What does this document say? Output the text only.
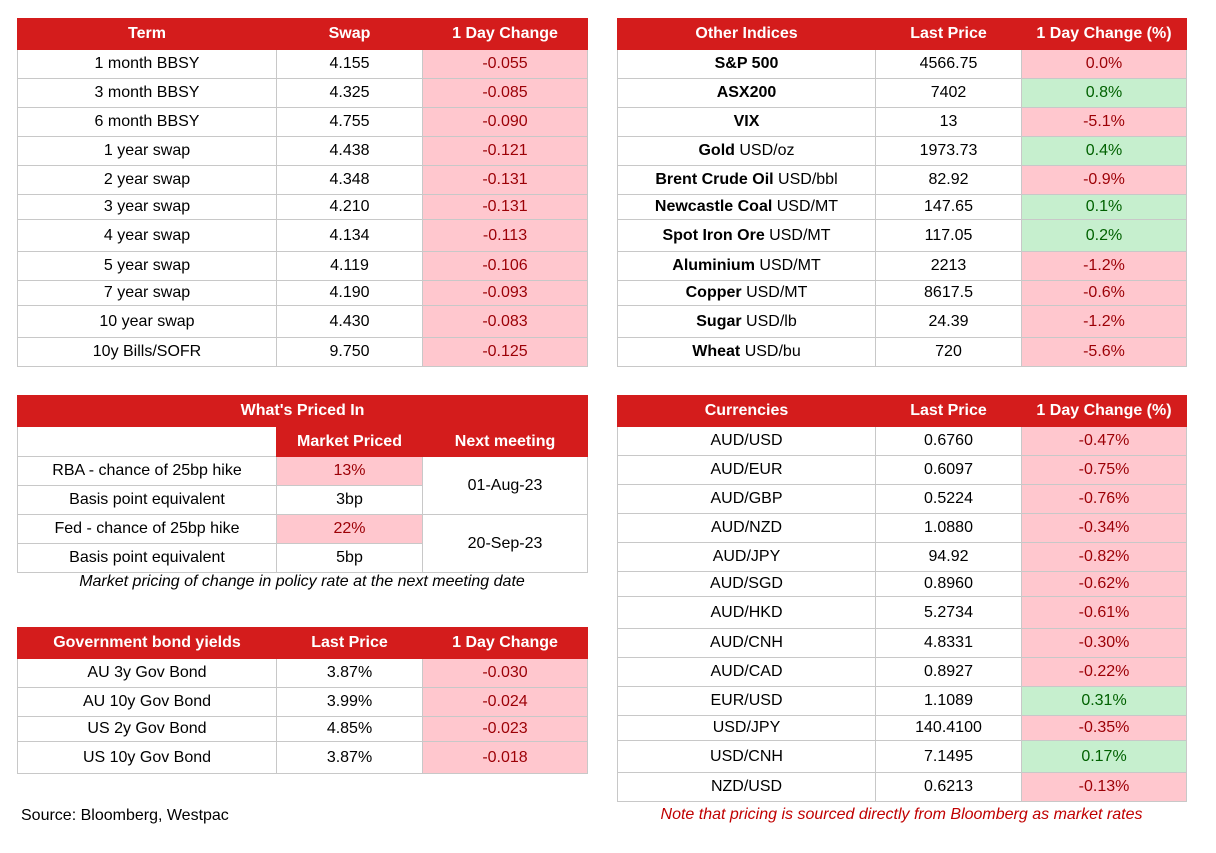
Term	Swap	1 Day Change
1 month BBSY	4.155	-0.055
3 month BBSY	4.325	-0.085
6 month BBSY	4.755	-0.090
1 year swap	4.438	-0.121
2 year swap	4.348	-0.131
3 year swap	4.210	-0.131
4 year swap	4.134	-0.113
5 year swap	4.119	-0.106
7 year swap	4.190	-0.093
10 year swap	4.430	-0.083
10y Bills/SOFR	9.750	-0.125
Other Indices	Last Price	1 Day Change (%)
S&P 500	4566.75	0.0%
ASX200	7402	0.8%
VIX	13	-5.1%
Gold USD/oz	1973.73	0.4%
Brent Crude Oil USD/bbl	82.92	-0.9%
Newcastle Coal USD/MT	147.65	0.1%
Spot Iron Ore USD/MT	117.05	0.2%
Aluminium USD/MT	2213	-1.2%
Copper USD/MT	8617.5	-0.6%
Sugar USD/lb	24.39	-1.2%
Wheat USD/bu	720	-5.6%
What's Priced In		
	Market Priced	Next meeting
RBA - chance of 25bp hike	13%	01-Aug-23
Basis point equivalent	3bp	
Fed - chance of 25bp hike	22%	20-Sep-23
Basis point equivalent	5bp	
Market pricing of change in policy rate at the next meeting date
Government bond yields	Last Price	1 Day Change
AU 3y Gov Bond	3.87%	-0.030
AU 10y Gov Bond	3.99%	-0.024
US 2y Gov Bond	4.85%	-0.023
US 10y Gov Bond	3.87%	-0.018
Currencies	Last Price	1 Day Change (%)
AUD/USD	0.6760	-0.47%
AUD/EUR	0.6097	-0.75%
AUD/GBP	0.5224	-0.76%
AUD/NZD	1.0880	-0.34%
AUD/JPY	94.92	-0.82%
AUD/SGD	0.8960	-0.62%
AUD/HKD	5.2734	-0.61%
AUD/CNH	4.8331	-0.30%
AUD/CAD	0.8927	-0.22%
EUR/USD	1.1089	0.31%
USD/JPY	140.4100	-0.35%
USD/CNH	7.1495	0.17%
NZD/USD	0.6213	-0.13%
Source: Bloomberg, Westpac	Note that pricing is sourced directly from Bloomberg as market rates
